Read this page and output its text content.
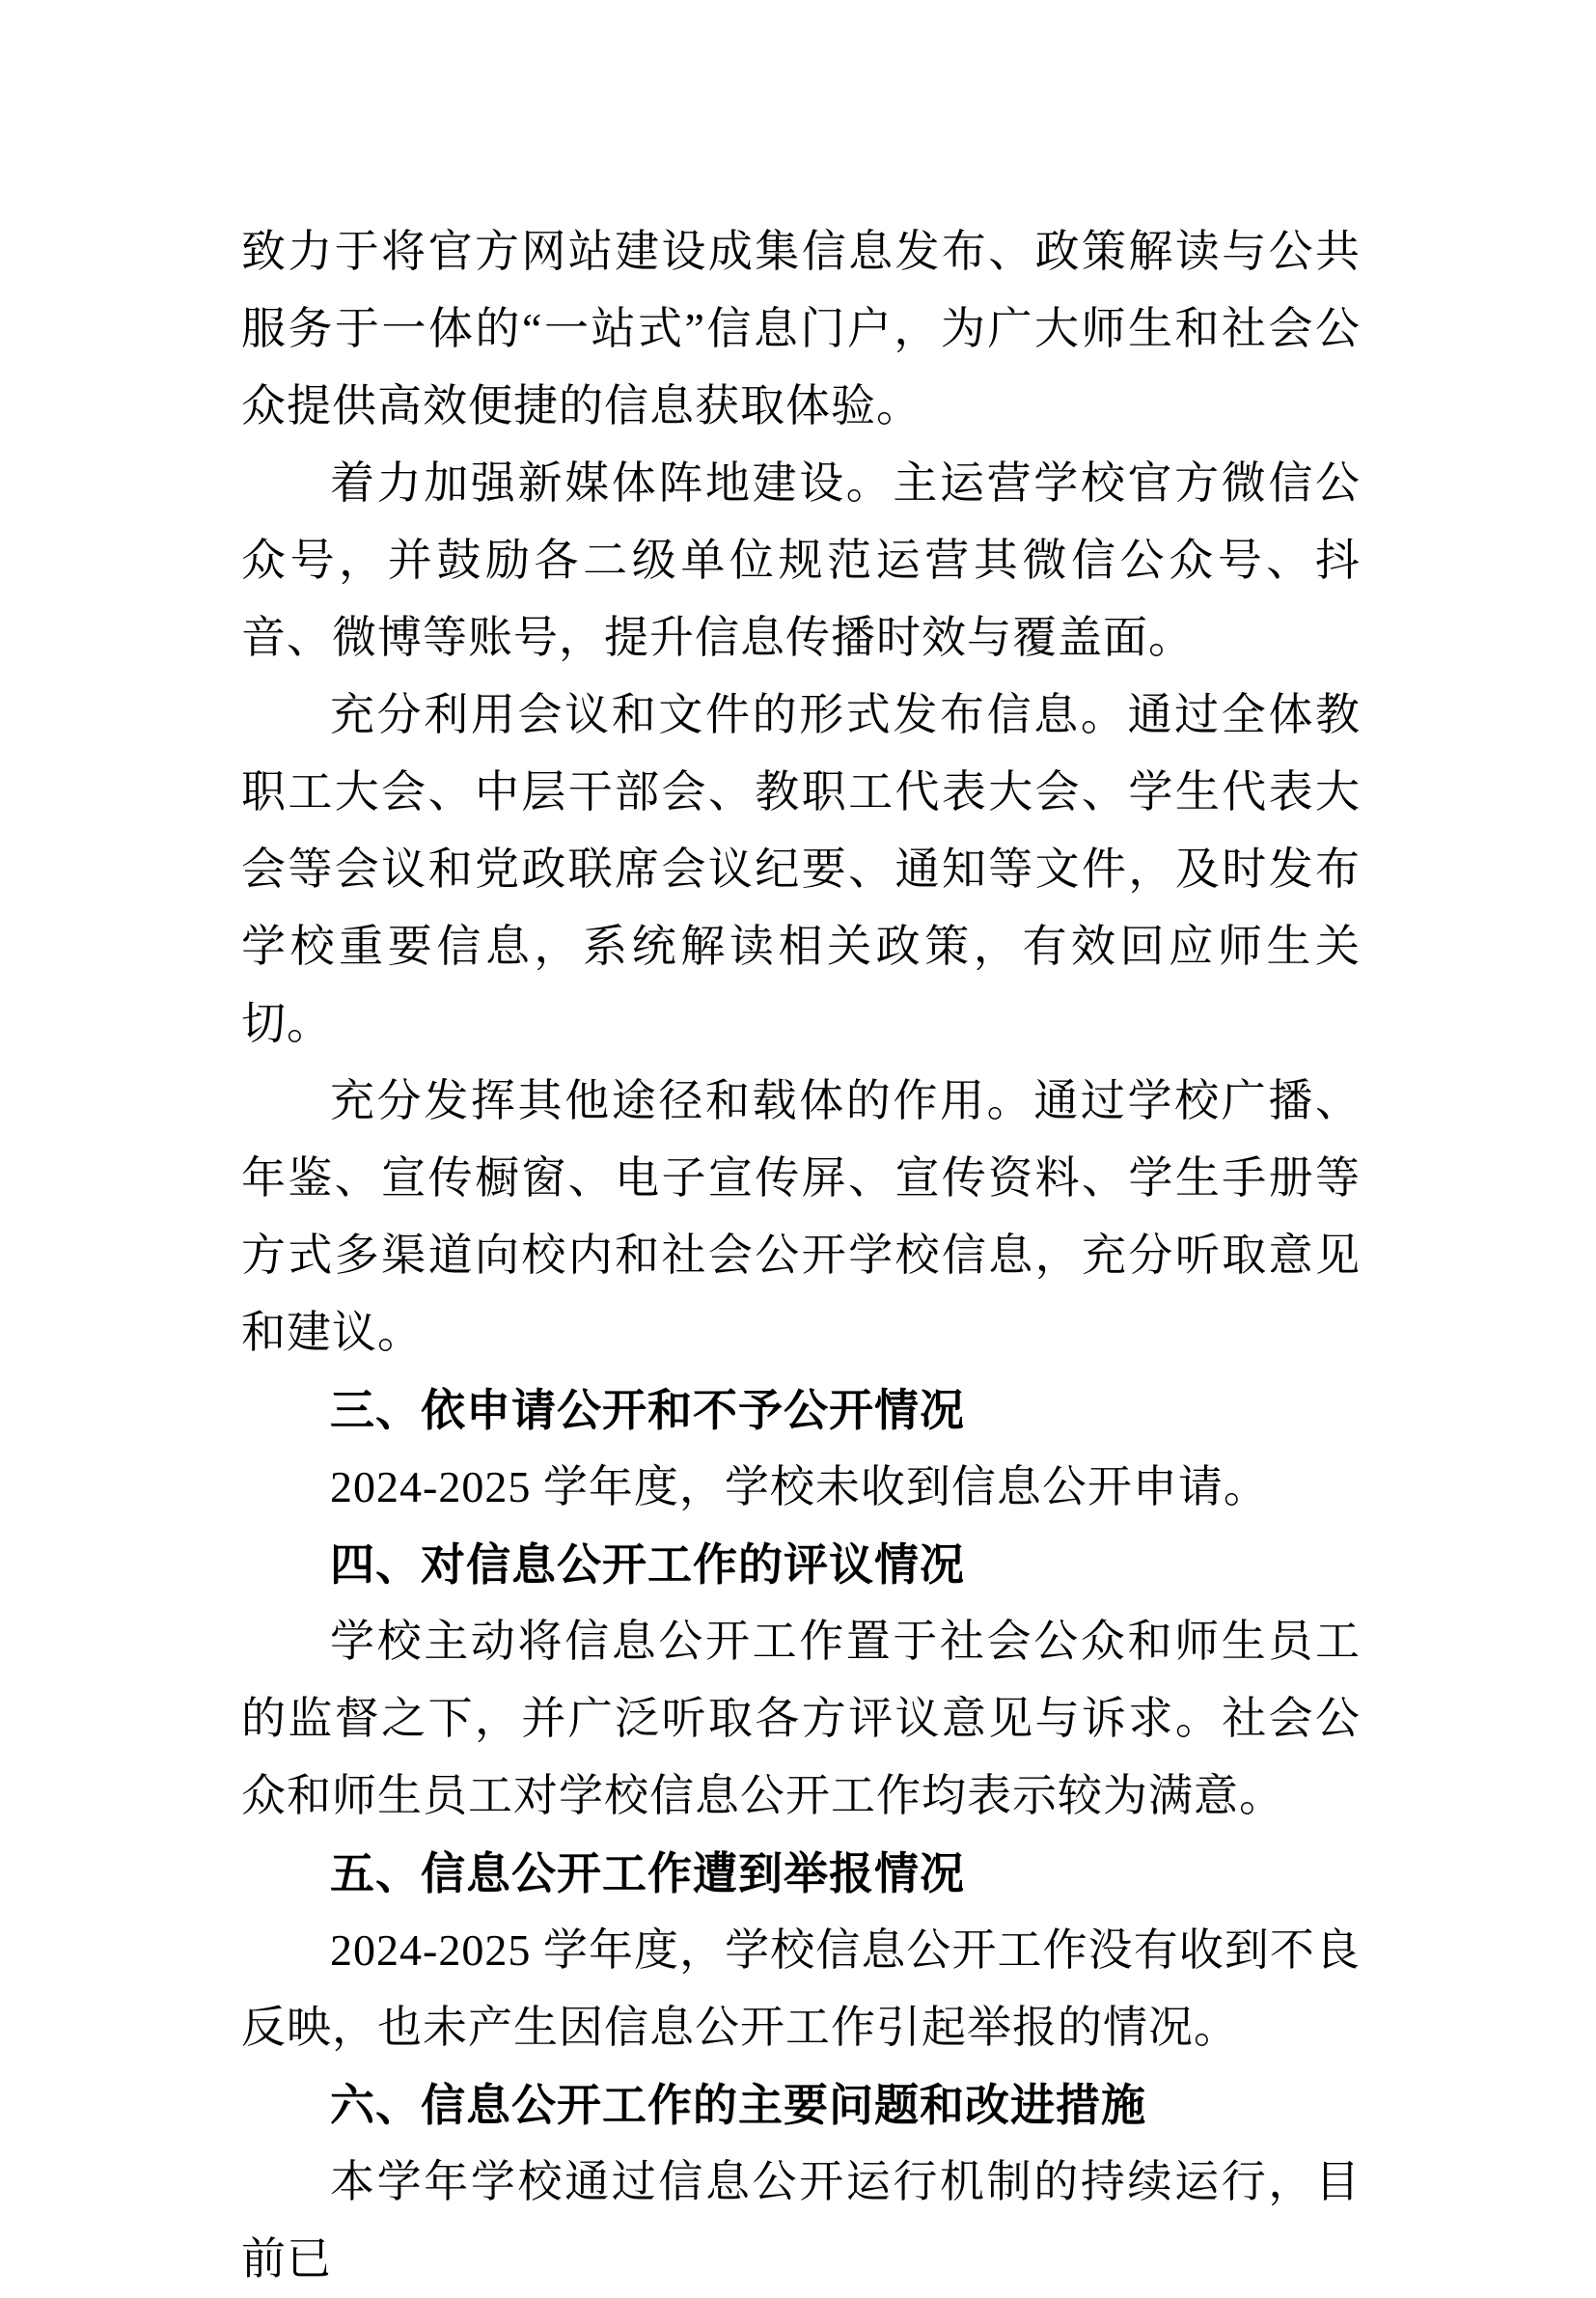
致力于将官方网站建设成集信息发布、政策解读与公共服务于一体的“一站式”信息门户，为广大师生和社会公众提供高效便捷的信息获取体验。

着力加强新媒体阵地建设。主运营学校官方微信公众号，并鼓励各二级单位规范运营其微信公众号、抖音、微博等账号，提升信息传播时效与覆盖面。

充分利用会议和文件的形式发布信息。通过全体教职工大会、中层干部会、教职工代表大会、学生代表大会等会议和党政联席会议纪要、通知等文件，及时发布学校重要信息，系统解读相关政策，有效回应师生关切。

充分发挥其他途径和载体的作用。通过学校广播、年鉴、宣传橱窗、电子宣传屏、宣传资料、学生手册等方式多渠道向校内和社会公开学校信息，充分听取意见和建议。

三、依申请公开和不予公开情况

2024-2025 学年度，学校未收到信息公开申请。

四、对信息公开工作的评议情况

学校主动将信息公开工作置于社会公众和师生员工的监督之下，并广泛听取各方评议意见与诉求。社会公众和师生员工对学校信息公开工作均表示较为满意。

五、信息公开工作遭到举报情况

2024-2025 学年度，学校信息公开工作没有收到不良反映，也未产生因信息公开工作引起举报的情况。

六、信息公开工作的主要问题和改进措施

本学年学校通过信息公开运行机制的持续运行，目前已
